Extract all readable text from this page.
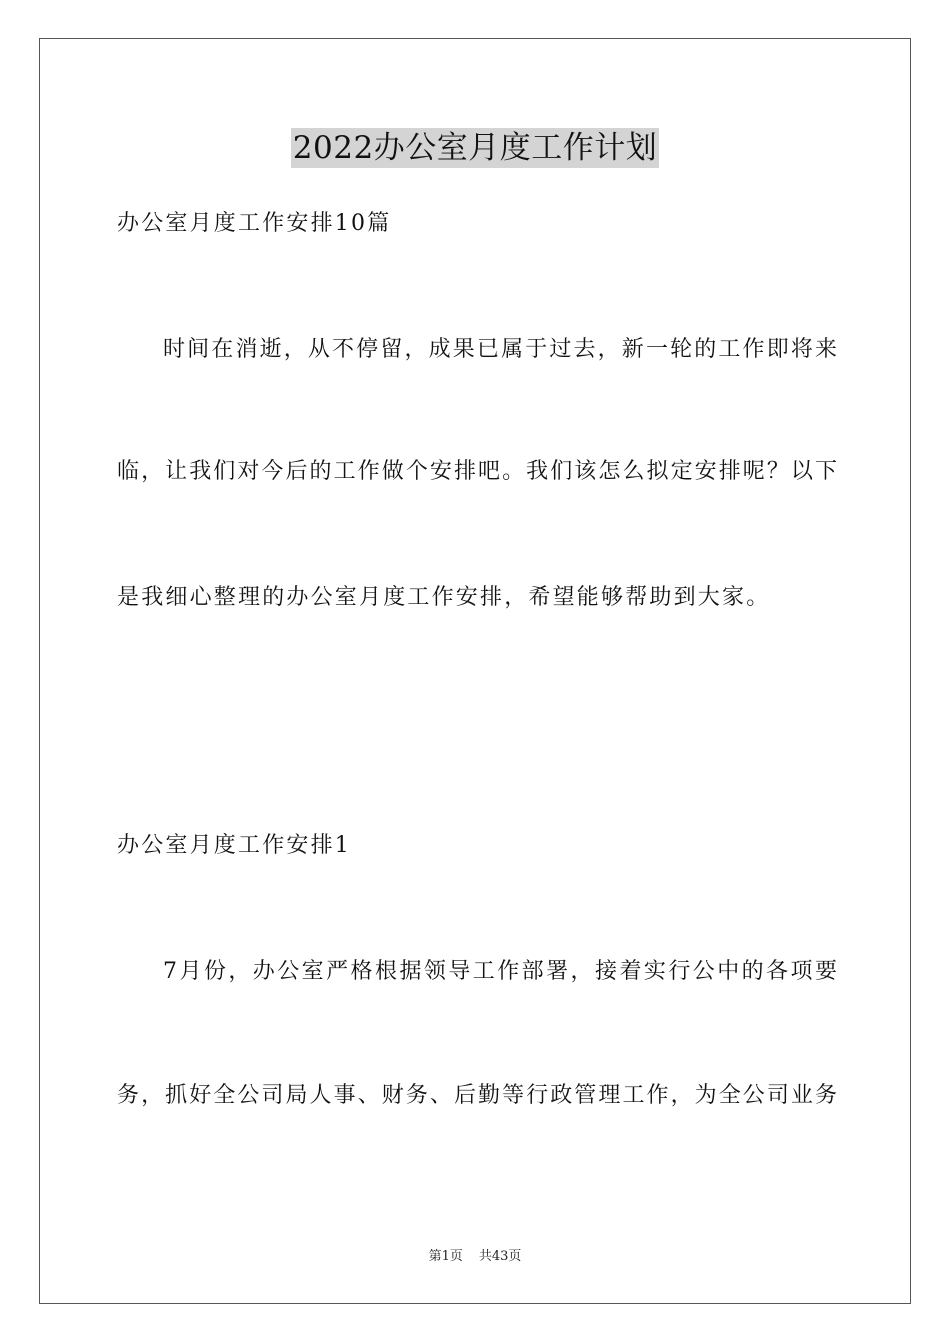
2022办公室月度工作计划
办公室月度工作安排10篇
时间在消逝，从不停留，成果已属于过去，新一轮的工作即将来
临，让我们对今后的工作做个安排吧。我们该怎么拟定安排呢？以下
是我细心整理的办公室月度工作安排，希望能够帮助到大家。
办公室月度工作安排1
7月份，办公室严格根据领导工作部署，接着实行公中的各项要
务，抓好全公司局人事、财务、后勤等行政管理工作，为全公司业务
第1页 共43页
